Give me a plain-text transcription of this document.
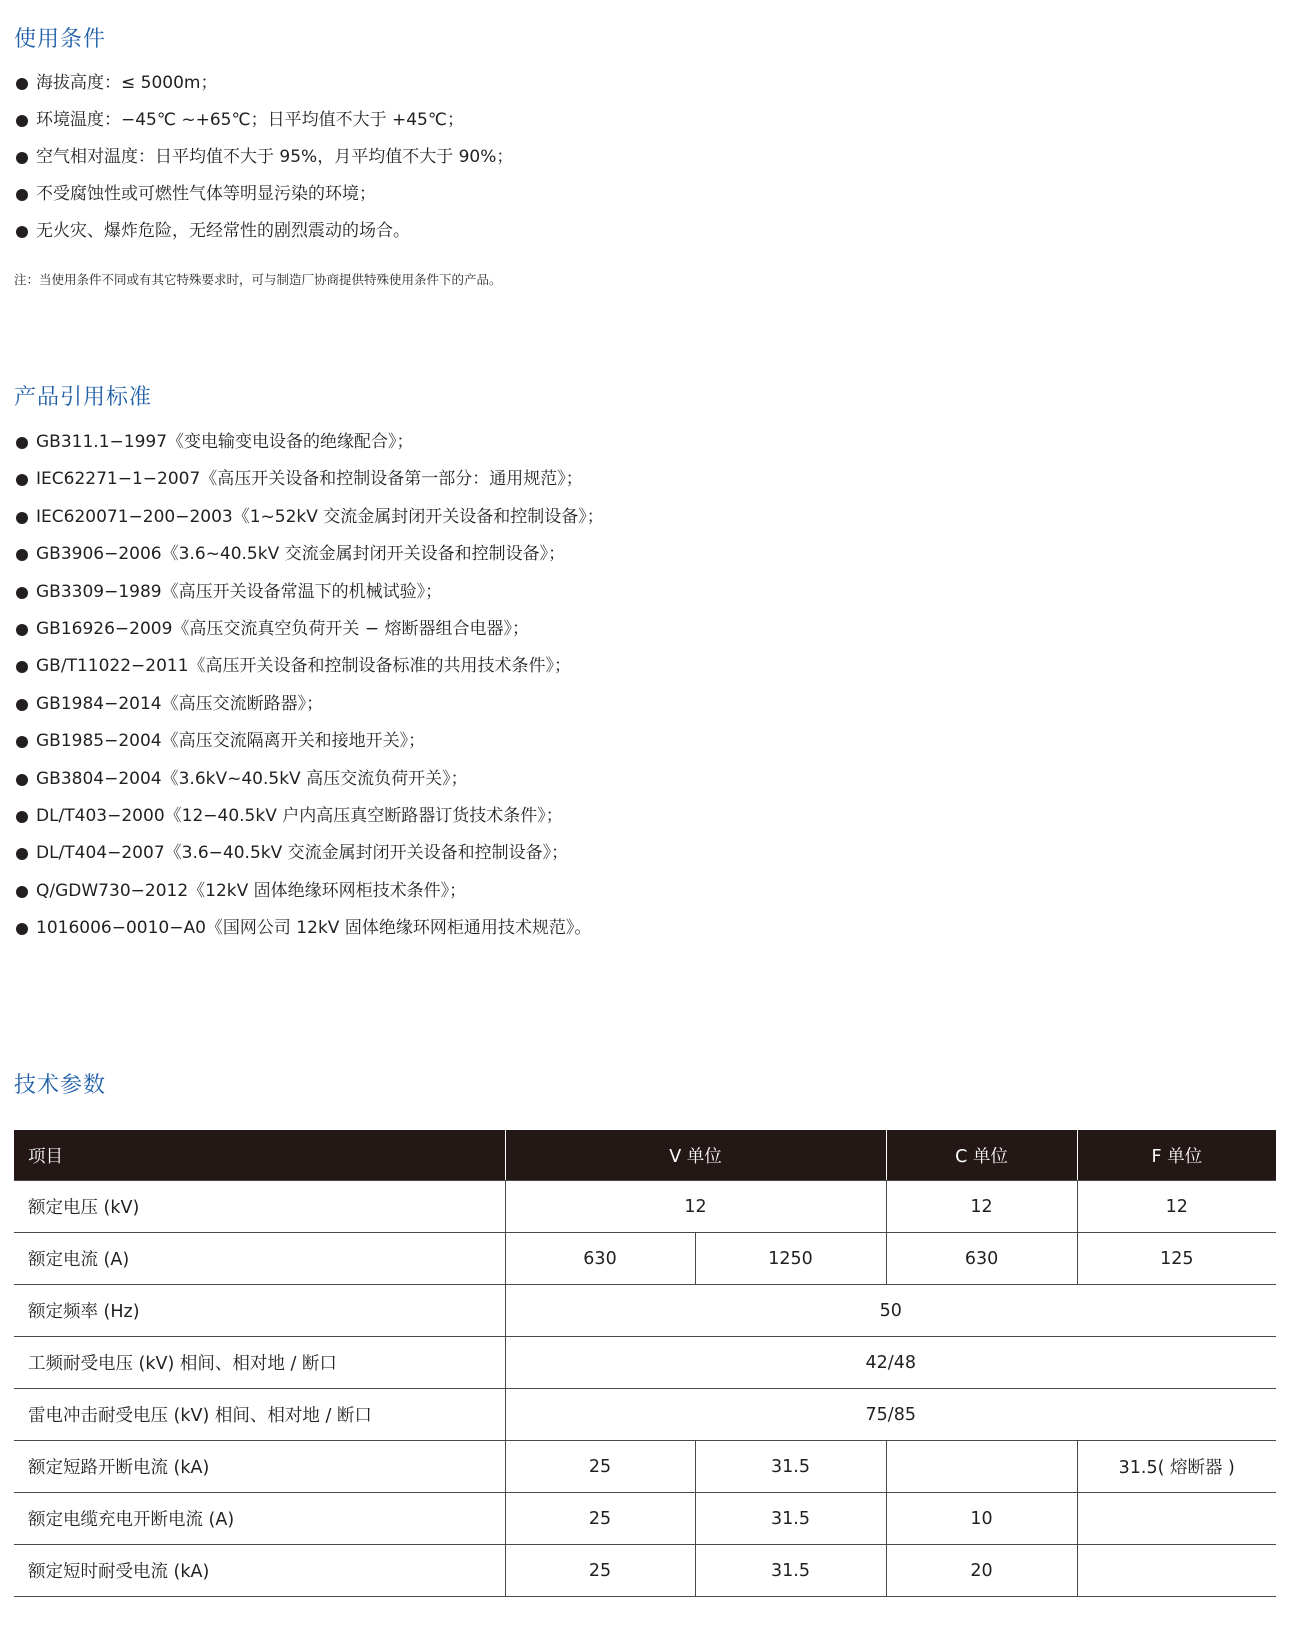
使用条件
海拔高度：≤ 5000m；
环境温度：−45℃ ~+65℃；日平均值不大于 +45℃；
空气相对温度：日平均值不大于 95%，月平均值不大于 90%；
不受腐蚀性或可燃性气体等明显污染的环境；
无火灾、爆炸危险，无经常性的剧烈震动的场合。

注：当使用条件不同或有其它特殊要求时，可与制造厂协商提供特殊使用条件下的产品。

产品引用标准
GB311.1−1997《变电输变电设备的绝缘配合》；
IEC62271−1−2007《高压开关设备和控制设备第一部分：通用规范》；
IEC620071−200−2003《1~52kV 交流金属封闭开关设备和控制设备》；
GB3906−2006《3.6~40.5kV 交流金属封闭开关设备和控制设备》；
GB3309−1989《高压开关设备常温下的机械试验》；
GB16926−2009《高压交流真空负荷开关 − 熔断器组合电器》；
GB/T11022−2011《高压开关设备和控制设备标准的共用技术条件》；
GB1984−2014《高压交流断路器》；
GB1985−2004《高压交流隔离开关和接地开关》；
GB3804−2004《3.6kV~40.5kV 高压交流负荷开关》；
DL/T403−2000《12−40.5kV 户内高压真空断路器订货技术条件》；
DL/T404−2007《3.6−40.5kV 交流金属封闭开关设备和控制设备》；
Q/GDW730−2012《12kV 固体绝缘环网柜技术条件》；
1016006−0010−A0《国网公司 12kV 固体绝缘环网柜通用技术规范》。
技术参数
项目	V 单位		C 单位	F 单位
额定电压 (kV)	12		12	12
额定电流 (A)	630	1250	630	125
额定频率 (Hz)	50			
工频耐受电压 (kV) 相间、相对地 / 断口	42/48			
雷电冲击耐受电压 (kV) 相间、相对地 / 断口	75/85			
额定短路开断电流 (kA)	25	31.5		31.5( 熔断器 )
额定电缆充电开断电流 (A)	25	31.5	10	
额定短时耐受电流 (kA)	25	31.5	20	
